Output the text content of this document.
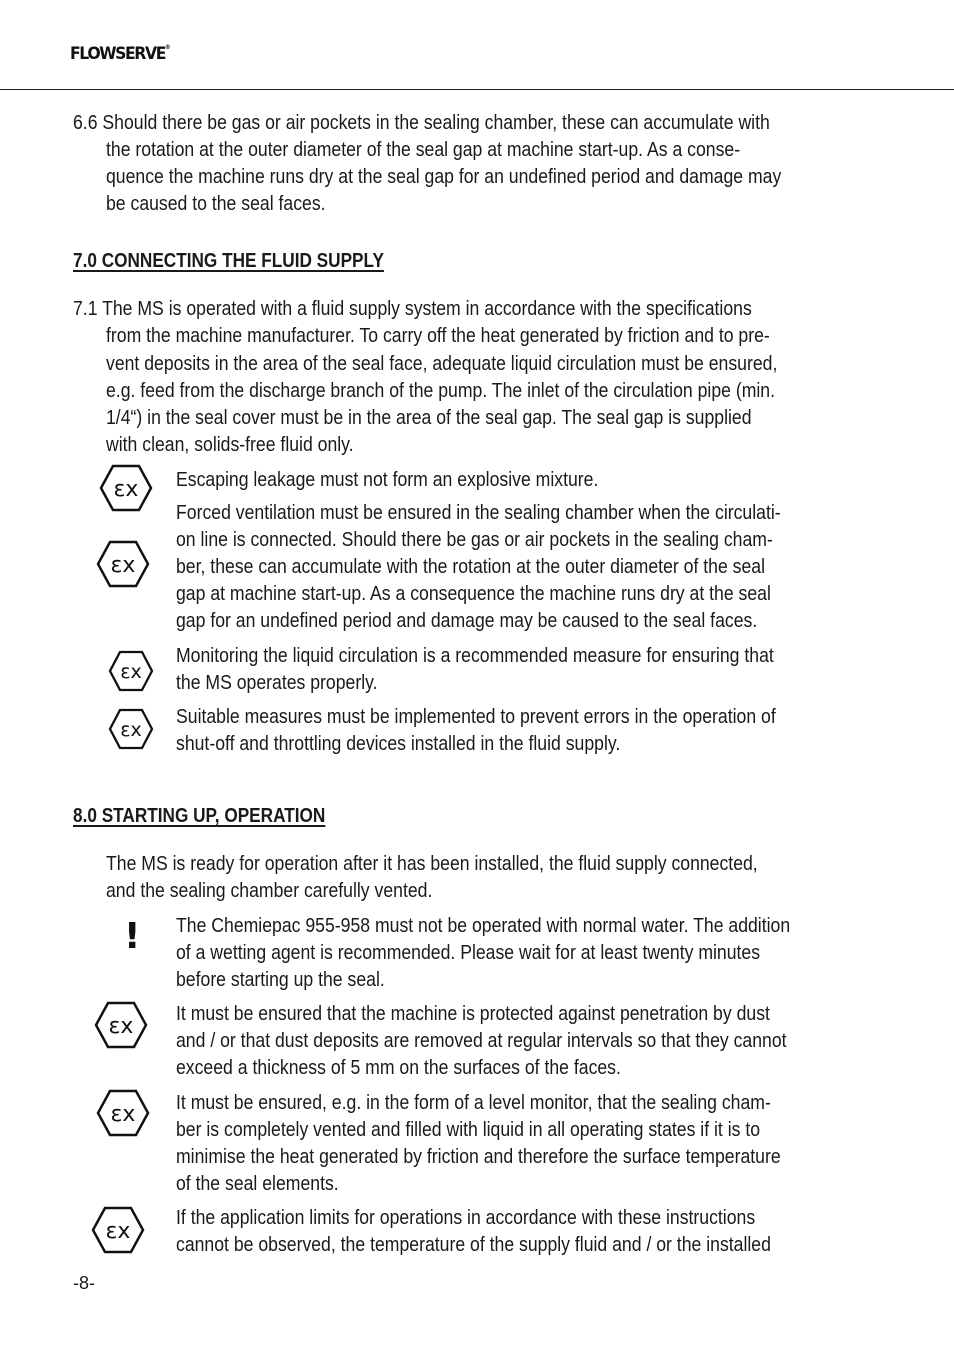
FLOWSERVE®
6.6 Should there be gas or air pockets in the sealing chamber, these can accumulate with
the rotation at the outer diameter of the seal gap at machine start-up. As a conse-
quence the machine runs dry at the seal gap for an undefined period and damage may
be caused to the seal faces.
7.0 CONNECTING THE FLUID SUPPLY
7.1 The MS is operated with a fluid supply system in accordance with the specifications
from the machine manufacturer. To carry off the heat generated by friction and to pre-
vent deposits in the area of the seal face, adequate liquid circulation must be ensured,
e.g. feed from the discharge branch of the pump. The inlet of the circulation pipe (min.
1/4“) in the seal cover must be in the area of the seal gap. The seal gap is supplied
with clean, solids-free fluid only.
εx
εx
εx
εx
Escaping leakage must not form an explosive mixture.
Forced ventilation must be ensured in the sealing chamber when the circulati-
on line is connected. Should there be gas or air pockets in the sealing cham-
ber, these can accumulate with the rotation at the outer diameter of the seal
gap at machine start-up. As a consequence the machine runs dry at the seal
gap for an undefined period and damage may be caused to the seal faces.
Monitoring the liquid circulation is a recommended measure for ensuring that
the MS operates properly.
Suitable measures must be implemented to prevent errors in the operation of
shut-off and throttling devices installed in the fluid supply.
8.0 STARTING UP, OPERATION
The MS is ready for operation after it has been installed, the fluid supply connected,
and the sealing chamber carefully vented.
! The Chemiepac 955-958 must not be operated with normal water. The addition
of a wetting agent is recommended. Please wait for at least twenty minutes
before starting up the seal.
εx
It must be ensured that the machine is protected against penetration by dust
and / or that dust deposits are removed at regular intervals so that they cannot
exceed a thickness of 5 mm on the surfaces of the faces.
εx It must be ensured, e.g. in the form of a level monitor, that the sealing cham-
ber is completely vented and filled with liquid in all operating states if it is to
minimise the heat generated by friction and therefore the surface temperature
of the seal elements.
εx
If the application limits for operations in accordance with these instructions
cannot be observed, the temperature of the supply fluid and / or the installed
-8-
